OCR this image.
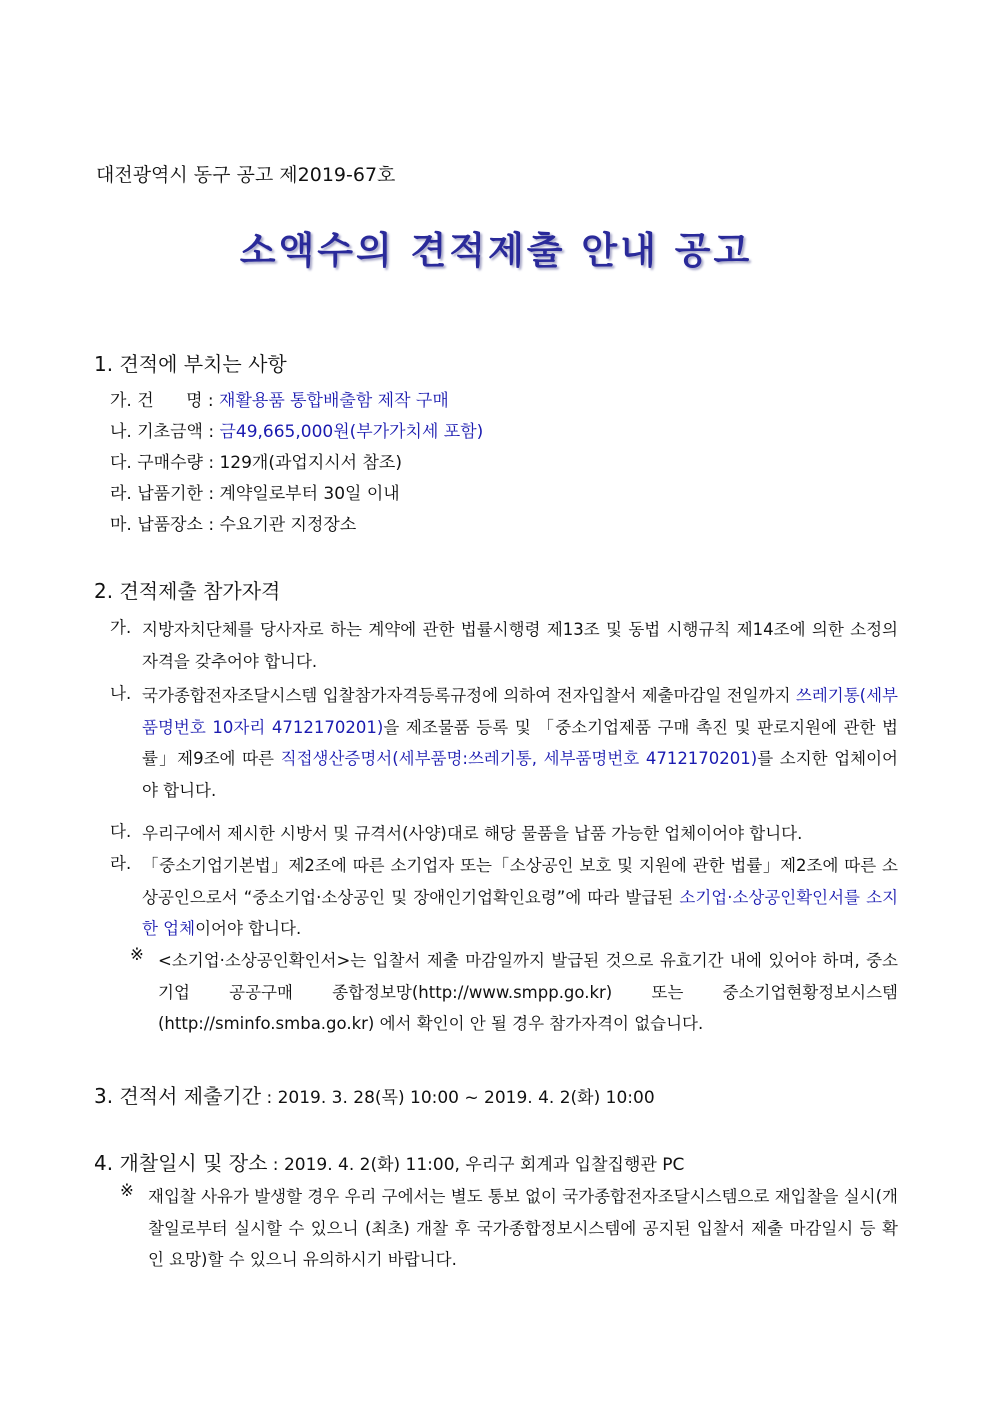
대전광역시 동구 공고 제2019-67호
소액수의 견적제출 안내 공고
1. 견적에 부치는 사항
가. 건      명 : 재활용품 통합배출함 제작 구매
나. 기초금액 : 금49,665,000원(부가가치세 포함)
다. 구매수량 : 129개(과업지시서 참조)
라. 납품기한 : 계약일로부터 30일 이내
마. 납품장소 : 수요기관 지정장소
2. 견적제출 참가자격
가. 지방자치단체를 당사자로 하는 계약에 관한 법률시행령 제13조 및 동법 시행규칙 제14조에 의한 소정의 자격을 갖추어야 합니다.
나. 국가종합전자조달시스템 입찰참가자격등록규정에 의하여 전자입찰서 제출마감일 전일까지 쓰레기통(세부품명번호 10자리 4712170201)을 제조물품 등록 및 「중소기업제품 구매 촉진 및 판로지원에 관한 법률」제9조에 따른 직접생산증명서(세부품명:쓰레기통, 세부품명번호 4712170201)를 소지한 업체이어야 합니다.
다. 우리구에서 제시한 시방서 및 규격서(사양)대로 해당 물품을 납품 가능한 업체이어야 합니다.
라. 「중소기업기본법」제2조에 따른 소기업자 또는「소상공인 보호 및 지원에 관한 법률」제2조에 따른 소상공인으로서 “중소기업·소상공인 및 장애인기업확인요령”에 따라 발급된 소기업·소상공인확인서를 소지한 업체이어야 합니다.
※ <소기업·소상공인확인서>는 입찰서 제출 마감일까지 발급된 것으로 유효기간 내에 있어야 하며, 중소기업 공공구매 종합정보망(http://www.smpp.go.kr) 또는 중소기업현황정보시스템(http://sminfo.smba.go.kr) 에서 확인이 안 될 경우 참가자격이 없습니다.
3. 견적서 제출기간 : 2019. 3. 28(목) 10:00 ~ 2019. 4. 2(화) 10:00
4. 개찰일시 및 장소 : 2019. 4. 2(화) 11:00, 우리구 회계과 입찰집행관 PC
※ 재입찰 사유가 발생할 경우 우리 구에서는 별도 통보 없이 국가종합전자조달시스템으로 재입찰을 실시(개찰일로부터 실시할 수 있으니 (최초) 개찰 후 국가종합정보시스템에 공지된 입찰서 제출 마감일시 등 확인 요망)할 수 있으니 유의하시기 바랍니다.
